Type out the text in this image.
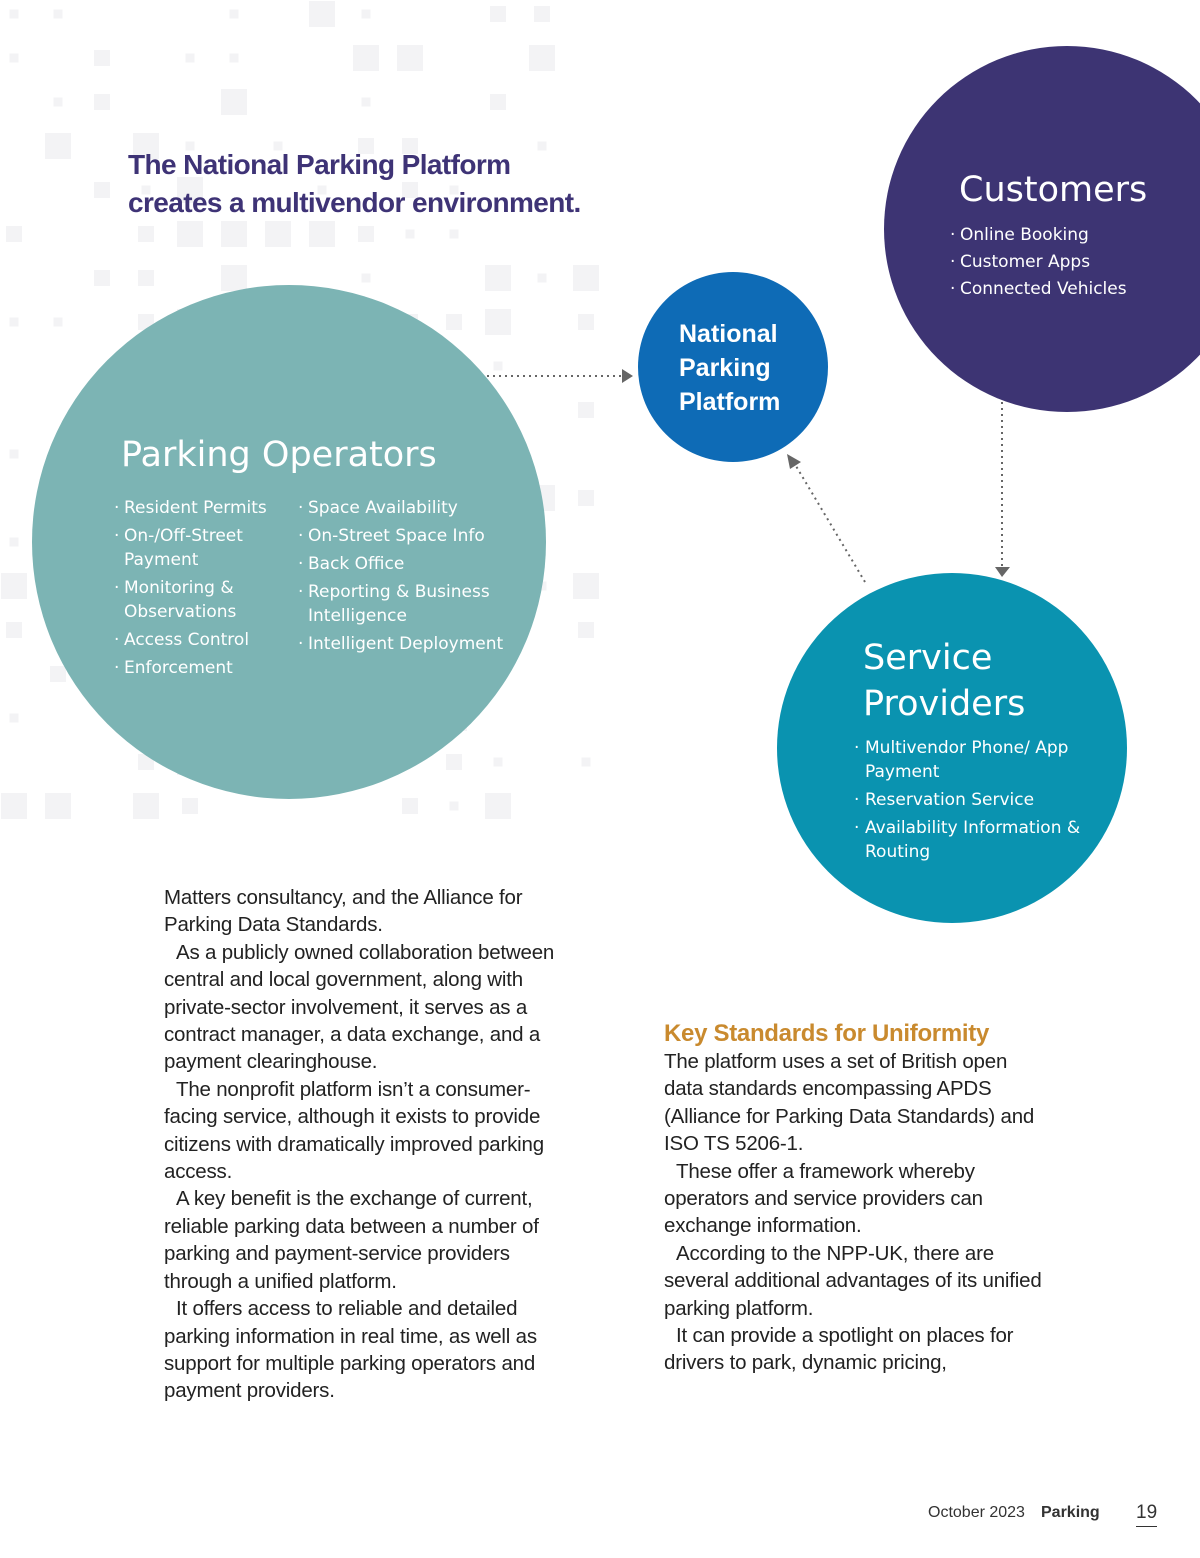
The National Parking Platform
creates a multivendor environment.
Parking Operators
· Resident Permits
· On-/Off-Street Payment
· Monitoring & Observations
· Access Control
· Enforcement
· Space Availability
· On-Street Space Info
· Back Office
· Reporting & Business Intelligence
· Intelligent Deployment
National
Parking
Platform
Customers
· Online Booking
· Customer Apps
· Connected Vehicles
Service Providers
· Multivendor Phone/ App Payment
· Reservation Service
· Availability Information & Routing

Matters consultancy, and the Alliance for Parking Data Standards.

As a publicly owned collaboration between central and local government, along with private-sector involvement, it serves as a contract manager, a data exchange, and a payment clearinghouse.

The nonprofit platform isn’t a consumer-facing service, although it exists to provide citizens with dramatically improved parking access.

A key benefit is the exchange of current, reliable parking data between a number of parking and payment-service providers through a unified platform.

It offers access to reliable and detailed parking information in real time, as well as support for multiple parking operators and payment providers.

Key Standards for Uniformity

The platform uses a set of British open data standards encompassing APDS (Alliance for Parking Data Standards) and ISO TS 5206-1.

These offer a framework whereby operators and service providers can exchange information.

According to the NPP-UK, there are several additional advantages of its unified parking platform.

It can provide a spotlight on places for drivers to park, dynamic pricing,

October 2023 Parking 19
